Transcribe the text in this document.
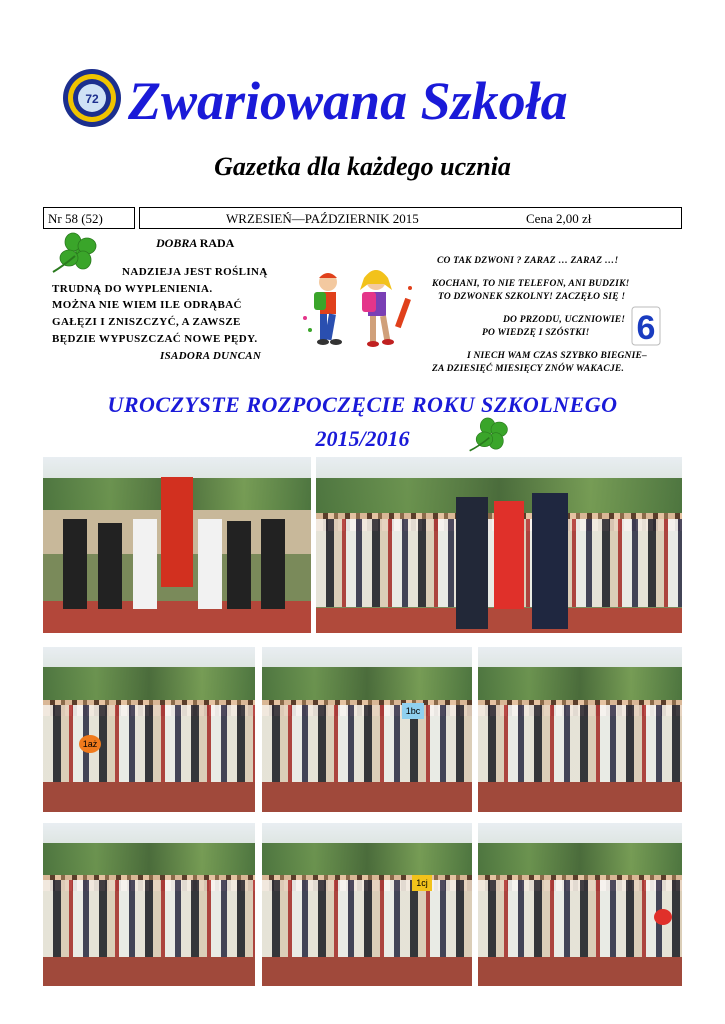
72 Zwariowana Szkoła
Gazetka dla każdego ucznia
Nr 58 (52)	WRZESIEŃ—PAŹDZIERNIK 2015	Cena 2,00 zł
DOBRA RADA
NADZIEJA JEST ROŚLINĄ
TRUDNĄ DO WYPLENIENIA.
MOŻNA NIE WIEM ILE ODRĄBAĆ
GAŁĘZI I ZNISZCZYĆ, A ZAWSZE
BĘDZIE WYPUSZCZAĆ NOWE PĘDY.
ISADORA DUNCAN
CO TAK DZWONI ? ZARAZ … ZARAZ …!
KOCHANI, TO NIE TELEFON, ANI BUDZIK!
TO DZWONEK SZKOLNY! ZACZĘŁO SIĘ !
DO PRZODU, UCZNIOWIE!
PO WIEDZĘ I SZÓSTKI!
I NIECH WAM CZAS SZYBKO BIEGNIE–
ZA DZIESIĘĆ MIESIĘCY ZNÓW WAKACJE.
6
UROCZYSTE ROZPOCZĘCIE ROKU SZKOLNEGO
2015/2016
1aż
1bc
1cj
